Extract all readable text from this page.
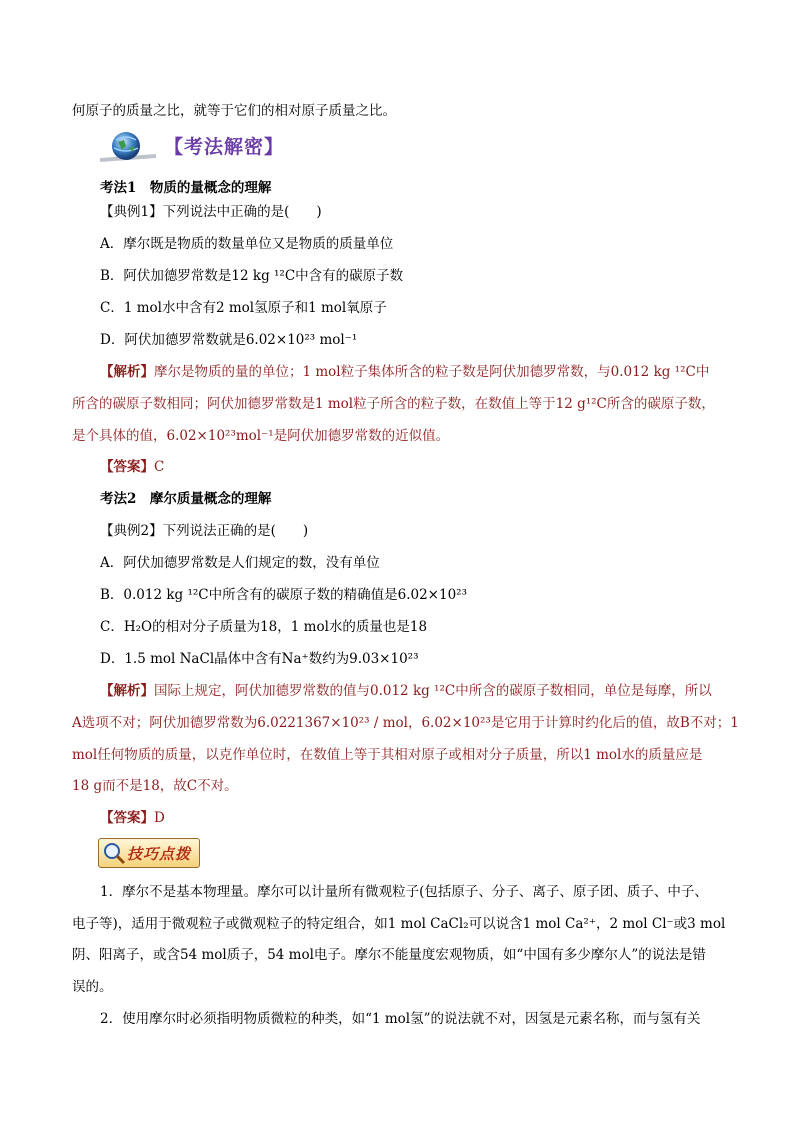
何原子的质量之比，就等于它们的相对原子质量之比。
【考法解密】
考法1　物质的量概念的理解
【典例1】下列说法中正确的是(　　)
A．摩尔既是物质的数量单位又是物质的质量单位
B．阿伏加德罗常数是12 kg ¹²C中含有的碳原子数
C．1 mol水中含有2 mol氢原子和1 mol氧原子
D．阿伏加德罗常数就是6.02×10²³ mol⁻¹
【解析】摩尔是物质的量的单位；1 mol粒子集体所含的粒子数是阿伏加德罗常数，与0.012 kg ¹²C中
所含的碳原子数相同；阿伏加德罗常数是1 mol粒子所含的粒子数，在数值上等于12 g¹²C所含的碳原子数，
是个具体的值，6.02×10²³mol⁻¹是阿伏加德罗常数的近似值。
【答案】C
考法2　摩尔质量概念的理解
【典例2】下列说法正确的是(　　)
A．阿伏加德罗常数是人们规定的数，没有单位
B．0.012 kg ¹²C中所含有的碳原子数的精确值是6.02×10²³
C．H₂O的相对分子质量为18，1 mol水的质量也是18
D．1.5 mol NaCl晶体中含有Na⁺数约为9.03×10²³
【解析】国际上规定，阿伏加德罗常数的值与0.012 kg ¹²C中所含的碳原子数相同，单位是每摩，所以
A选项不对；阿伏加德罗常数为6.0221367×10²³ / mol，6.02×10²³是它用于计算时约化后的值，故B不对；1
mol任何物质的质量，以克作单位时，在数值上等于其相对原子或相对分子质量，所以1 mol水的质量应是
18 g而不是18，故C不对。
【答案】D
技巧点拨
1．摩尔不是基本物理量。摩尔可以计量所有微观粒子(包括原子、分子、离子、原子团、质子、中子、
电子等)，适用于微观粒子或微观粒子的特定组合，如1 mol CaCl₂可以说含1 mol Ca²⁺，2 mol Cl⁻或3 mol
阴、阳离子，或含54 mol质子，54 mol电子。摩尔不能量度宏观物质，如“中国有多少摩尔人”的说法是错
误的。
2．使用摩尔时必须指明物质微粒的种类，如“1 mol氢”的说法就不对，因氢是元素名称，而与氢有关
